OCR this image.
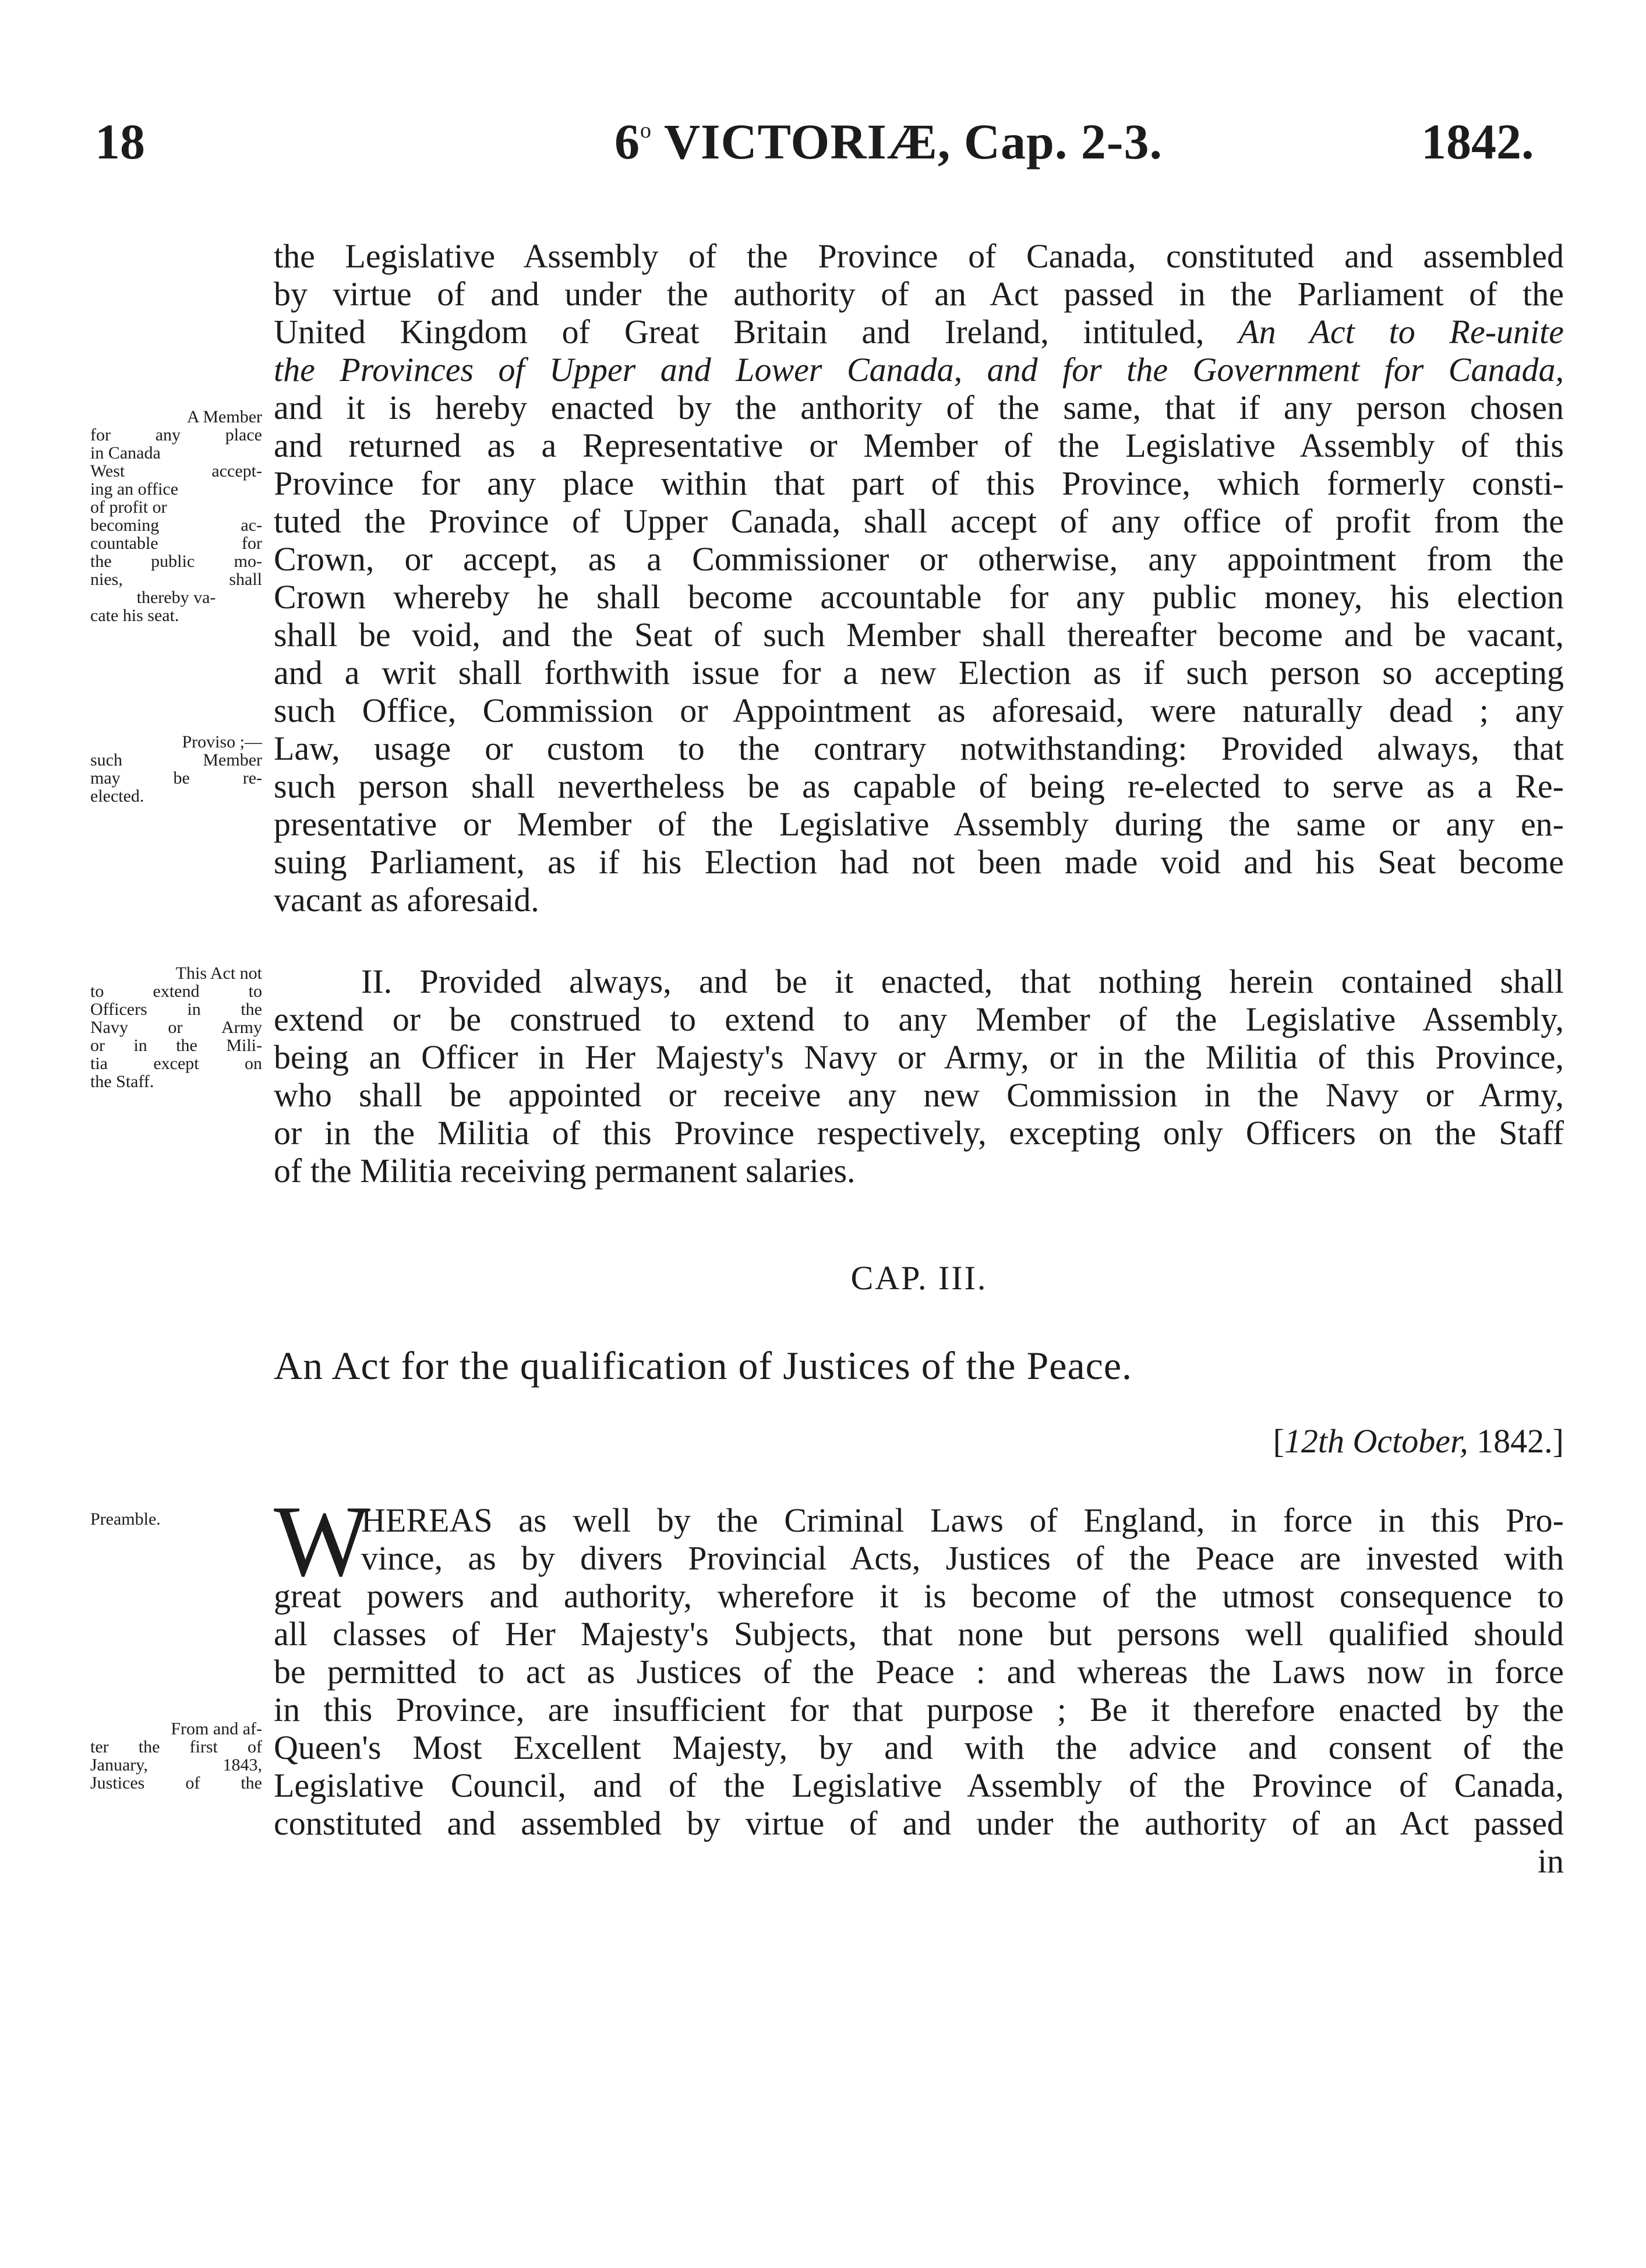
18	6$^o$ VICTORIÆ, Cap. 2-3.	1842.
the Legislative Assembly of the Province of Canada, constituted and assembled
by virtue of and under the authority of an Act passed in the Parliament of the
United Kingdom of Great Britain and Ireland, intituled, An Act to Re-unite
the Provinces of Upper and Lower Canada, and for the Government for Canada,
and it is hereby enacted by the anthority of the same, that if any person chosen
and returned as a Representative or Member of the Legislative Assembly of this
Province for any place within that part of this Province, which formerly consti-
tuted the Province of Upper Canada, shall accept of any office of profit from the
Crown, or accept, as a Commissioner or otherwise, any appointment from the
Crown whereby he shall become accountable for any public money, his election
shall be void, and the Seat of such Member shall thereafter become and be vacant,
and a writ shall forthwith issue for a new Election as if such person so accepting
such Office, Commission or Appointment as aforesaid, were naturally dead ; any
Law, usage or custom to the contrary notwithstanding: Provided always, that
such person shall nevertheless be as capable of being re-elected to serve as a Re-
presentative or Member of the Legislative Assembly during the same or any en-
suing Parliament, as if his Election had not been made void and his Seat become
vacant as aforesaid.
II. Provided always, and be it enacted, that nothing herein contained shall
extend or be construed to extend to any Member of the Legislative Assembly,
being an Officer in Her Majesty's Navy or Army, or in the Militia of this Province,
who shall be appointed or receive any new Commission in the Navy or Army,
or in the Militia of this Province respectively, excepting only Officers on the Staff
of the Militia receiving permanent salaries.
CAP. III.
An Act for the qualification of Justices of the Peace.
[12th October, 1842.]
W
HEREAS as well by the Criminal Laws of England, in force in this Pro-
vince, as by divers Provincial Acts, Justices of the Peace are invested with
great powers and authority, wherefore it is become of the utmost consequence to
all classes of Her Majesty's Subjects, that none but persons well qualified should
be permitted to act as Justices of the Peace : and whereas the Laws now in force
in this Province, are insufficient for that purpose ; Be it therefore enacted by the
Queen's Most Excellent Majesty, by and with the advice and consent of the
Legislative Council, and of the Legislative Assembly of the Province of Canada,
constituted and assembled by virtue of and under the authority of an Act passed
in
A Member
for any place
in Canada
West accept-
ing an office
of profit or
becoming ac-
countable for
the public mo-
nies, shall
thereby va-
cate his seat.
Proviso ;—
such Member
may be re-
elected.
This Act not
to extend to
Officers in the
Navy or Army
or in the Mili-
tia except on
the Staff.
Preamble.
From and af-
ter the first of
January, 1843,
Justices of the
